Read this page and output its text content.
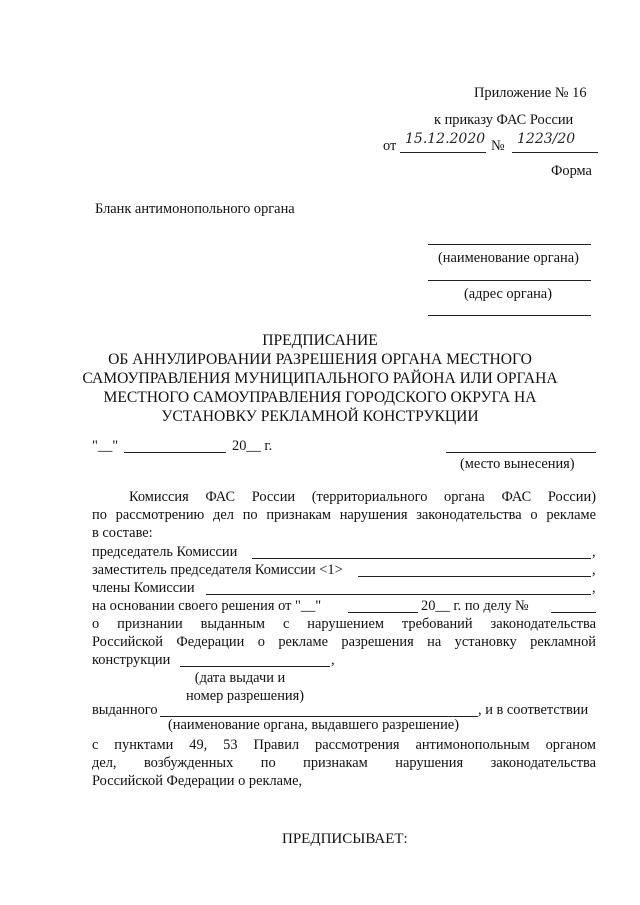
Приложение № 16
к приказу ФАС России
от 15.12.2020 № 1223/20
Форма
Бланк антимонопольного органа
(наименование органа)
(адрес органа)
ПРЕДПИСАНИЕ
ОБ АННУЛИРОВАНИИ РАЗРЕШЕНИЯ ОРГАНА МЕСТНОГО
САМОУПРАВЛЕНИЯ МУНИЦИПАЛЬНОГО РАЙОНА ИЛИ ОРГАНА
МЕСТНОГО САМОУПРАВЛЕНИЯ ГОРОДСКОГО ОКРУГА НА
УСТАНОВКУ РЕКЛАМНОЙ КОНСТРУКЦИИ
"__"	20__ г.
(место вынесения)
Комиссия ФАС России (территориального органа ФАС России)
по рассмотрению дел по признакам нарушения законодательства о рекламе
в составе:
председатель Комиссии	,
заместитель председателя Комиссии <1>	,
члены Комиссии	,
на основании своего решения от "__"	20__ г. по делу №
о признании выданным с нарушением требований законодательства
Российской Федерации о рекламе разрешения на установку рекламной
конструкции	,
(дата выдачи и
номер разрешения)
выданного	, и в соответствии
(наименование органа, выдавшего разрешение)
с пунктами 49, 53 Правил рассмотрения антимонопольным органом
дел, возбужденных по признакам нарушения законодательства
Российской Федерации о рекламе,
ПРЕДПИСЫВАЕТ:
